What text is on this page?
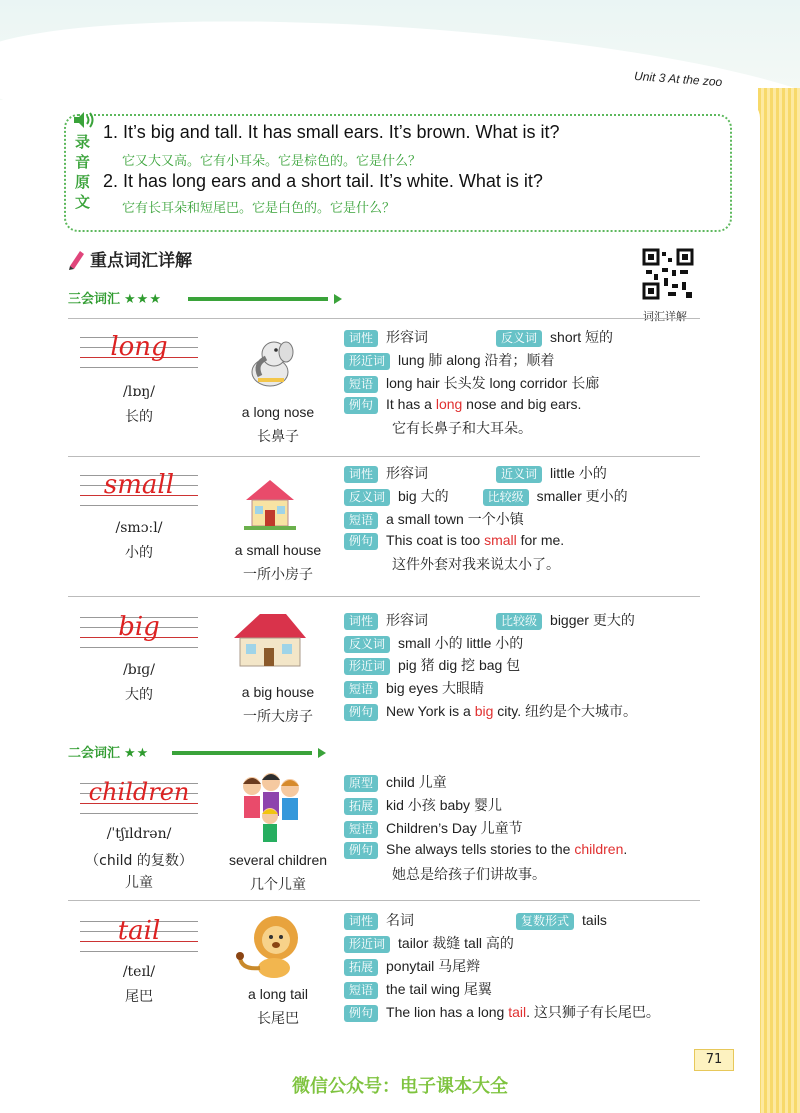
Unit 3 At the zoo
录音原文
1. It’s big and tall. It has small ears. It’s brown. What is it?
它又大又高。它有小耳朵。它是棕色的。它是什么？
2. It has long ears and a short tail. It’s white. What is it?
它有长耳朵和短尾巴。它是白色的。它是什么？
重点词汇详解
词汇详解
三会词汇 ★★★
long
/lɒŋ/
长的	a long nose
长鼻子
词性 形容词	反义词 short 短的
形近词 lung 肺 along 沿着；顺着
短语 long hair 长头发 long corridor 长廊
例句 It has a long nose and big ears.
它有长鼻子和大耳朵。
small
/smɔːl/
小的	a small house
一所小房子
词性 形容词	近义词 little 小的
反义词 big 大的	比较级 smaller 更小的
短语 a small town 一个小镇
例句 This coat is too small for me.
这件外套对我来说太小了。
big
/bɪɡ/
大的	a big house
一所大房子
词性 形容词	比较级 bigger 更大的
反义词 small 小的 little 小的
形近词 pig 猪 dig 挖 bag 包
短语 big eyes 大眼睛
例句 New York is a big city. 纽约是个大城市。
二会词汇 ★★
children
/ˈtʃɪldrən/
（child 的复数）
儿童
several children
几个儿童
原型 child 儿童
拓展 kid 小孩 baby 婴儿
短语 Children’s Day 儿童节
例句 She always tells stories to the children.
她总是给孩子们讲故事。
tail
/teɪl/
尾巴	a long tail
长尾巴
词性 名词	复数形式 tails
形近词 tailor 裁缝 tall 高的
拓展 ponytail 马尾辫
短语 the tail wing 尾翼
例句 The lion has a long tail. 这只狮子有长尾巴。
71
微信公众号：电子课本大全
